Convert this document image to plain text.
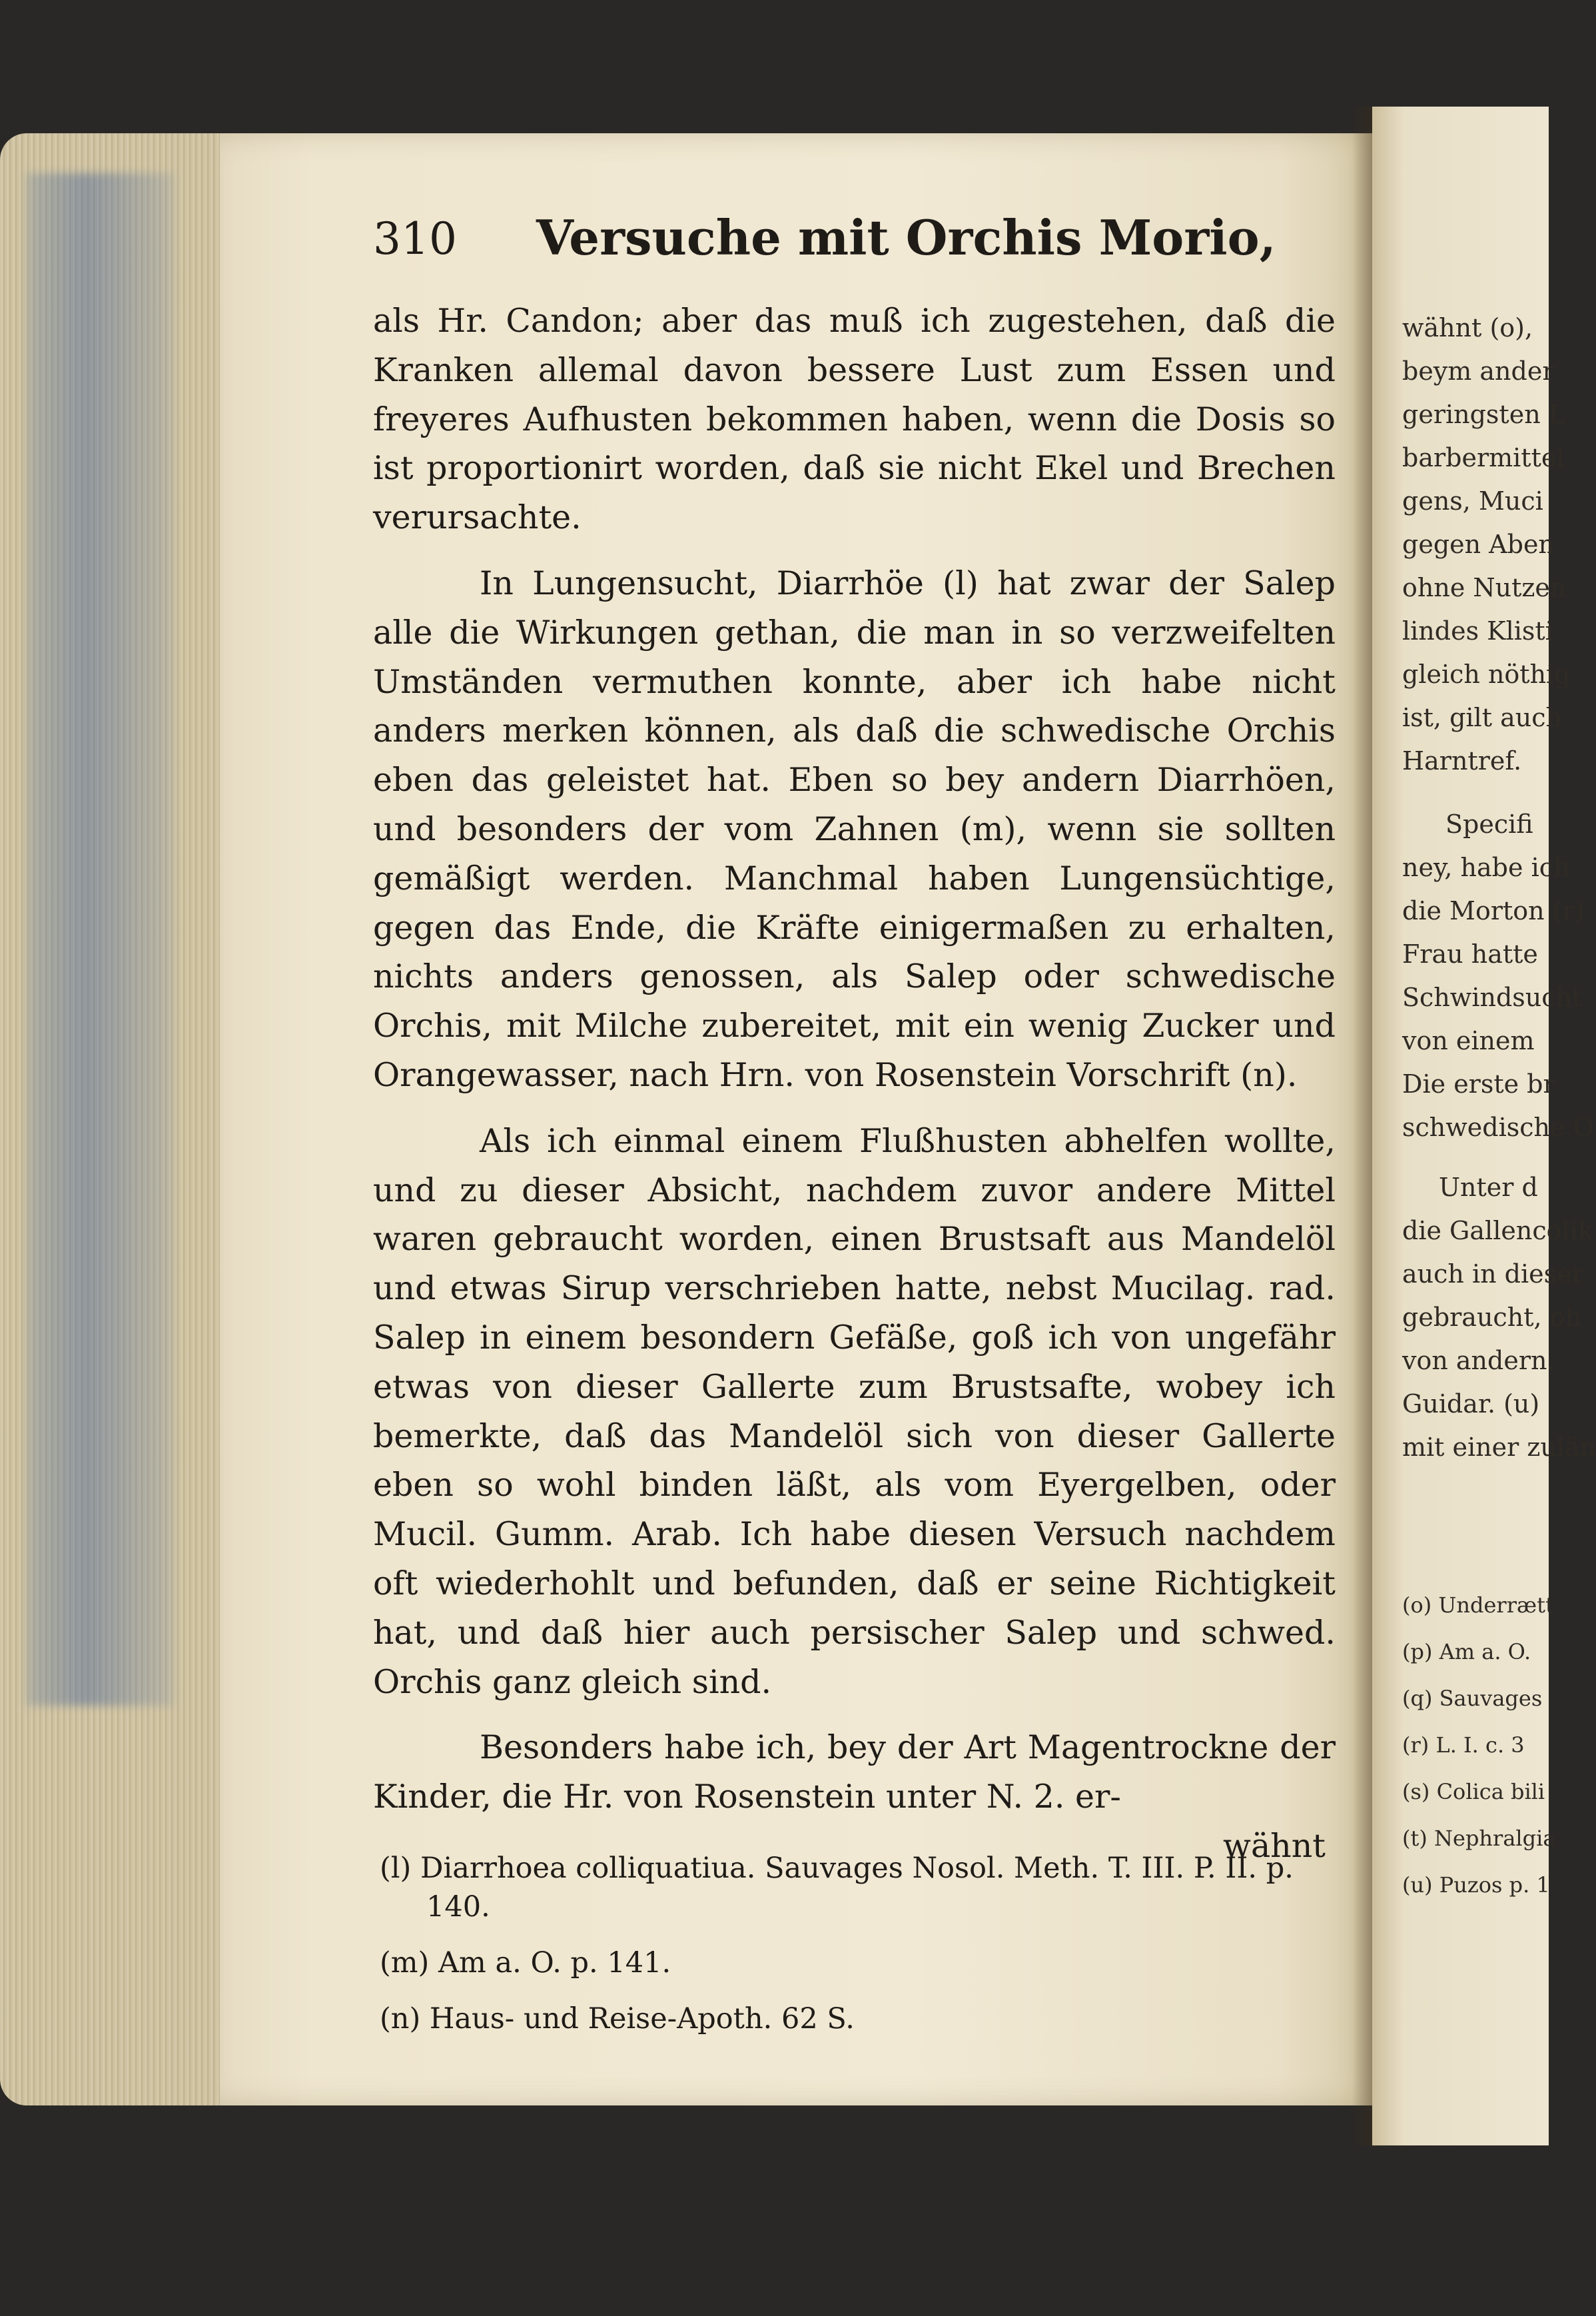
310 Versuche mit Orchis Morio,

als Hr. Candon; aber das muß ich zugestehen, daß die Kranken allemal davon bessere Lust zum Essen und freyeres Aufhusten bekommen haben, wenn die Dosis so ist proportionirt worden, daß sie nicht Ekel und Brechen verursachte.

In Lungensucht, Diarrhöe (l) hat zwar der Salep alle die Wirkungen gethan, die man in so verzweifelten Umständen vermuthen konnte, aber ich habe nicht anders merken können, als daß die schwedische Orchis eben das geleistet hat. Eben so bey andern Diarrhöen, und besonders der vom Zahnen (m), wenn sie sollten gemäßigt werden. Manchmal haben Lungensüchtige, gegen das Ende, die Kräfte einigermaßen zu erhalten, nichts anders genossen, als Salep oder schwedische Orchis, mit Milche zubereitet, mit ein wenig Zucker und Orangewasser, nach Hrn. von Rosenstein Vorschrift (n).

Als ich einmal einem Flußhusten abhelfen wollte, und zu dieser Absicht, nachdem zuvor andere Mittel waren gebraucht worden, einen Brustsaft aus Mandelöl und etwas Sirup verschrieben hatte, nebst Mucilag. rad. Salep in einem besondern Gefäße, goß ich von ungefähr etwas von dieser Gallerte zum Brustsafte, wobey ich bemerkte, daß das Mandelöl sich von dieser Gallerte eben so wohl binden läßt, als vom Eyergelben, oder Mucil. Gumm. Arab. Ich habe diesen Versuch nachdem oft wiederhohlt und befunden, daß er seine Richtigkeit hat, und daß hier auch persischer Salep und schwed. Orchis ganz gleich sind.

Besonders habe ich, bey der Art Magentrockne der Kinder, die Hr. von Rosenstein unter N. 2. er-

wähnt

(l) Diarrhoea colliquatiua. Sauvages Nosol. Meth. T. III. P. II. p. 140.

(m) Am a. O. p. 141.

(n) Haus- und Reise-Apoth. 62 S.

wähnt (o),
beym ander
geringsten L
barbermittel
gens, Muci
gegen Aben
ohne Nutzen
lindes Klisti
gleich nöthig
ist, gilt auch
Harntref.
Specifi
ney, habe ich
die Morton (r)
Frau hatte
Schwindsucht
von einem
Die erste br
schwedische O
Unter d
die Gallencolik
auch in dieser
gebraucht, oh
von andern.
Guidar. (u)
mit einer zulän
(o) Underrætt
(p) Am a. O.
(q) Sauvages
(r) L. I. c. 3
(s) Colica bili
(t) Nephralgia
(u) Puzos p. 1
